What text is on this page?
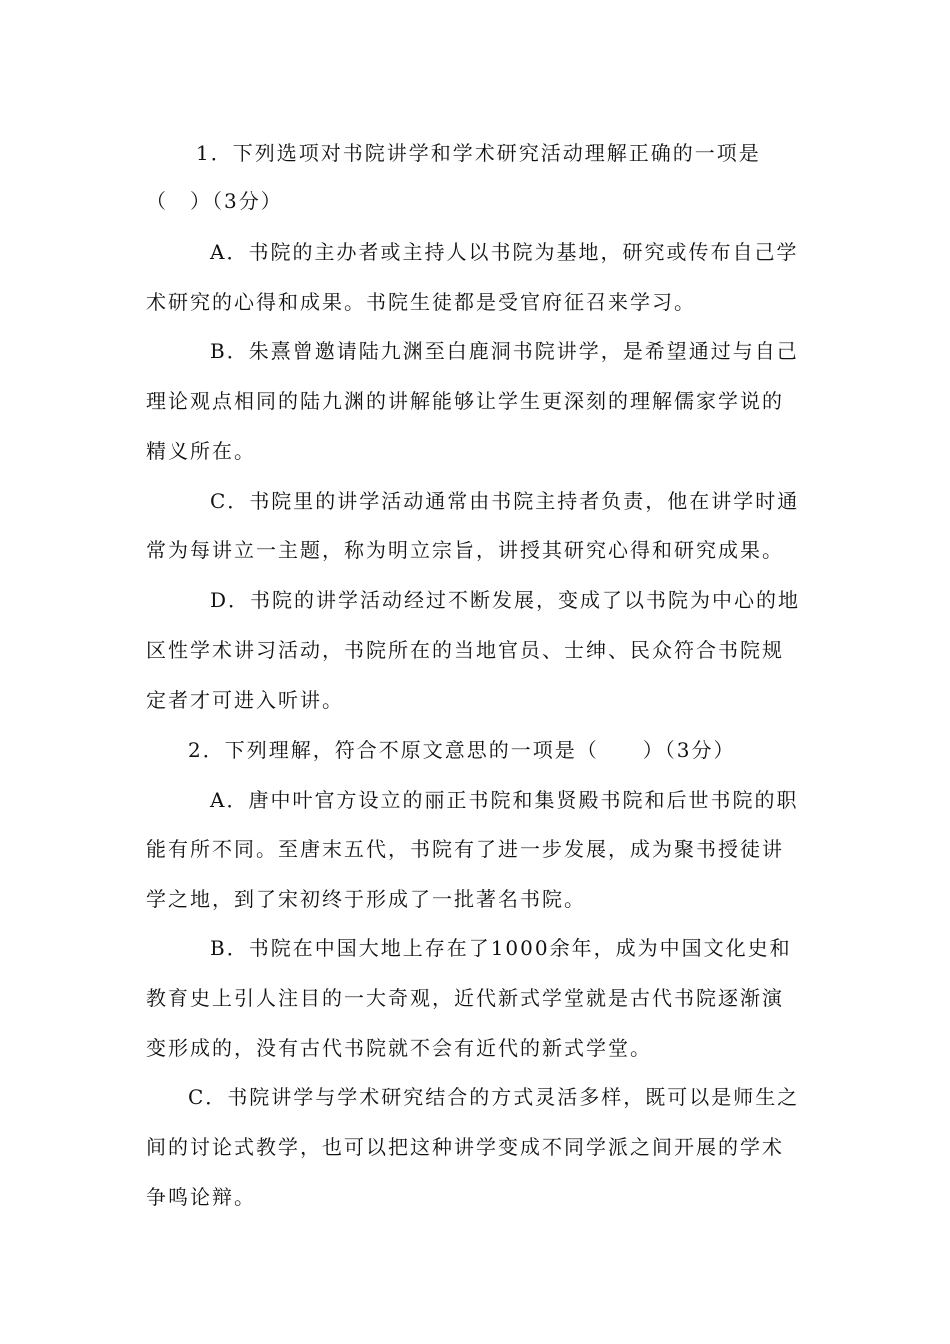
1．下列选项对书院讲学和学术研究活动理解正确的一项是
（　）（3分）
A．书院的主办者或主持人以书院为基地，研究或传布自己学
术研究的心得和成果。书院生徒都是受官府征召来学习。
B．朱熹曾邀请陆九渊至白鹿洞书院讲学，是希望通过与自己
理论观点相同的陆九渊的讲解能够让学生更深刻的理解儒家学说的
精义所在。
C．书院里的讲学活动通常由书院主持者负责，他在讲学时通
常为每讲立一主题，称为明立宗旨，讲授其研究心得和研究成果。
D．书院的讲学活动经过不断发展，变成了以书院为中心的地
区性学术讲习活动，书院所在的当地官员、士绅、民众符合书院规
定者才可进入听讲。
2．下列理解，符合不原文意思的一项是（　　）（3分）
A．唐中叶官方设立的丽正书院和集贤殿书院和后世书院的职
能有所不同。至唐末五代，书院有了进一步发展，成为聚书授徒讲
学之地，到了宋初终于形成了一批著名书院。
B．书院在中国大地上存在了1000余年，成为中国文化史和
教育史上引人注目的一大奇观，近代新式学堂就是古代书院逐渐演
变形成的，没有古代书院就不会有近代的新式学堂。
C．书院讲学与学术研究结合的方式灵活多样，既可以是师生之
间的讨论式教学，也可以把这种讲学变成不同学派之间开展的学术
争鸣论辩。
